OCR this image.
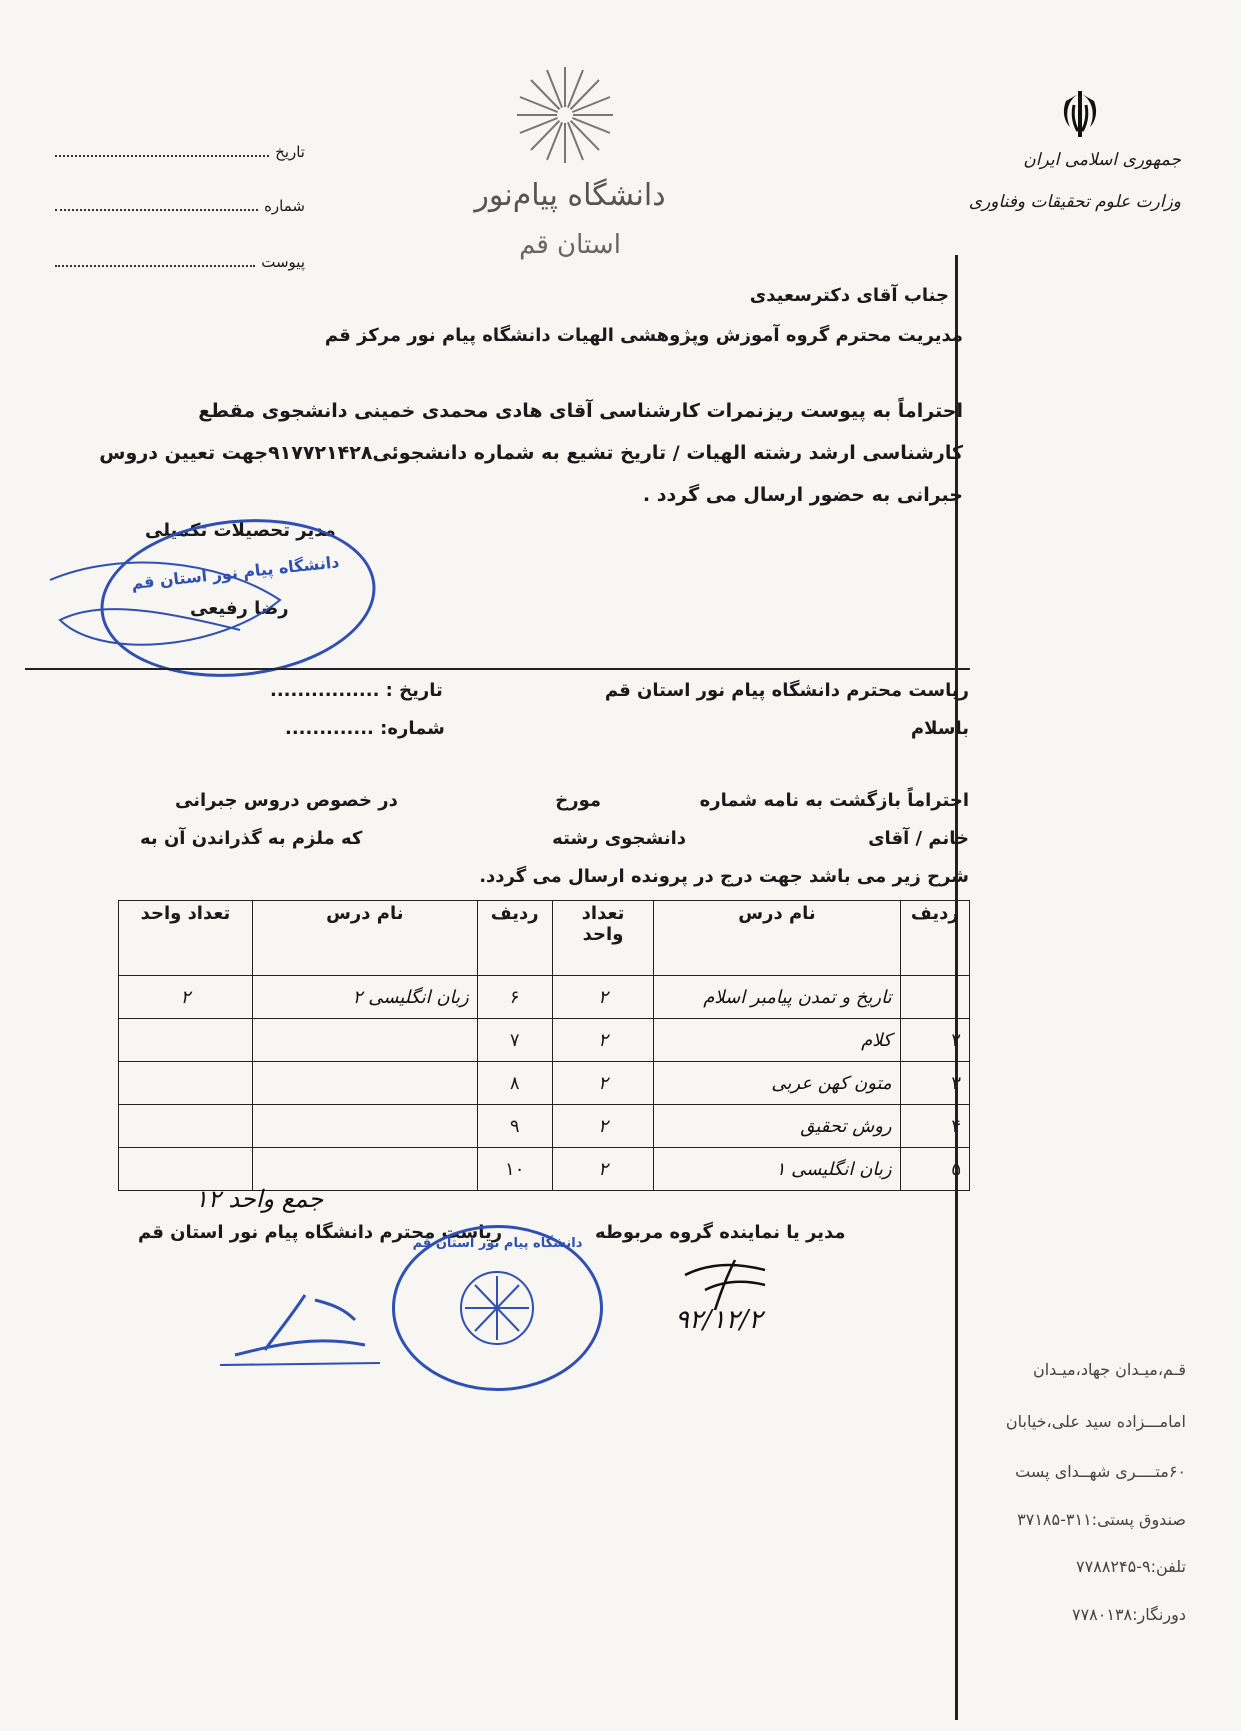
تاریخ
شماره
پیوست
دانشگاه پیام‌نور
استان قم
جمهوری اسلامی ایران
وزارت علوم تحقیقات وفناوری
جناب آقای دکترسعیدی
مدیریت محترم گروه آموزش وپژوهشی الهیات دانشگاه پیام نور مرکز قم
احتراماً به پیوست ریزنمرات کارشناسی آقای هادی محمدی خمینی دانشجوی مقطع
کارشناسی ارشد رشته الهیات / تاریخ تشیع به شماره دانشجوئی۹۱۷۷۲۱۴۲۸جهت تعیین دروس
جبرانی به حضور ارسال می گردد .
مدیر تحصیلات تکمیلی
رضا رفیعی
دانشگاه پیام نور استان قم
ریاست محترم دانشگاه پیام نور استان قم
باسلام
تاریخ : ................
شماره: .............
احتراماً بازگشت به نامه شماره
مورخ
در خصوص دروس جبرانی
خانم / آقای
دانشجوی رشته
که ملزم به گذراندن آن به
شرح زیر می باشد جهت درج در پرونده ارسال می گردد.
ردیف	نام درس	تعداد واحد	ردیف	نام درس	تعداد واحد
	تاریخ و تمدن پیامبر اسلام	۲	۶	زبان انگلیسی ۲	۲
۲	کلام	۲	۷		
۳	متون کهن عربی	۲	۸		
۴	روش تحقیق	۲	۹		
۵	زبان انگلیسی ۱	۲	۱۰		
جمع واحد ۱۲
ریاست محترم دانشگاه پیام نور استان قم	مدیر یا نماینده گروه مربوطه
دانشگاه پیام نور استان قم
۹۲/۱۲/۲
قـم،میـدان جهاد،میـدان
امامـــزاده سید علی،خیابان
۶۰متــــری شهــدای پست
صندوق پستی:۳۱۱-۳۷۱۸۵
تلفن:۹-۷۷۸۸۲۴۵
دورنگار:۷۷۸۰۱۳۸
